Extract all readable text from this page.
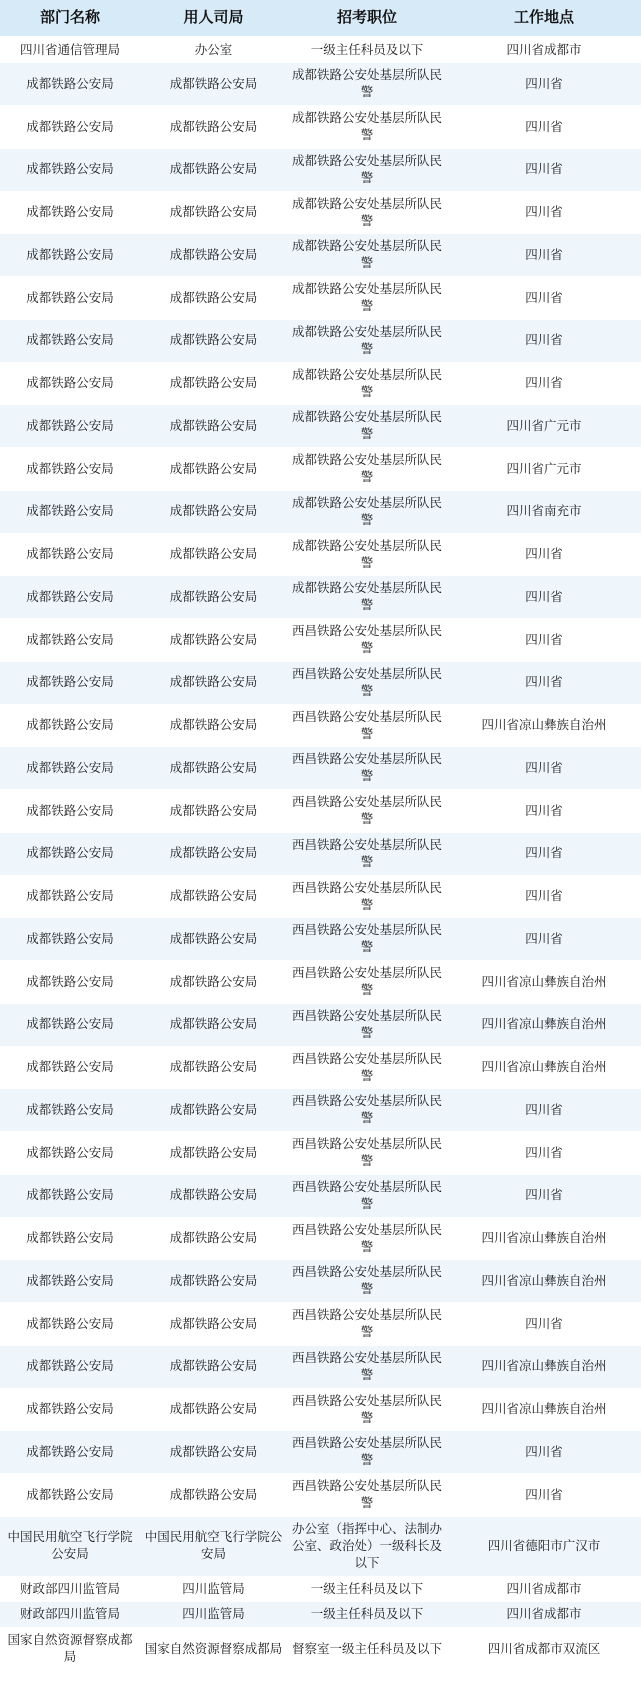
部门名称	用人司局	招考职位	工作地点
四川省通信管理局	办公室	一级主任科员及以下	四川省成都市
成都铁路公安局	成都铁路公安局	成都铁路公安处基层所队民警	四川省
成都铁路公安局	成都铁路公安局	成都铁路公安处基层所队民警	四川省
成都铁路公安局	成都铁路公安局	成都铁路公安处基层所队民警	四川省
成都铁路公安局	成都铁路公安局	成都铁路公安处基层所队民警	四川省
成都铁路公安局	成都铁路公安局	成都铁路公安处基层所队民警	四川省
成都铁路公安局	成都铁路公安局	成都铁路公安处基层所队民警	四川省
成都铁路公安局	成都铁路公安局	成都铁路公安处基层所队民警	四川省
成都铁路公安局	成都铁路公安局	成都铁路公安处基层所队民警	四川省
成都铁路公安局	成都铁路公安局	成都铁路公安处基层所队民警	四川省广元市
成都铁路公安局	成都铁路公安局	成都铁路公安处基层所队民警	四川省广元市
成都铁路公安局	成都铁路公安局	成都铁路公安处基层所队民警	四川省南充市
成都铁路公安局	成都铁路公安局	成都铁路公安处基层所队民警	四川省
成都铁路公安局	成都铁路公安局	成都铁路公安处基层所队民警	四川省
成都铁路公安局	成都铁路公安局	西昌铁路公安处基层所队民警	四川省
成都铁路公安局	成都铁路公安局	西昌铁路公安处基层所队民警	四川省
成都铁路公安局	成都铁路公安局	西昌铁路公安处基层所队民警	四川省凉山彝族自治州
成都铁路公安局	成都铁路公安局	西昌铁路公安处基层所队民警	四川省
成都铁路公安局	成都铁路公安局	西昌铁路公安处基层所队民警	四川省
成都铁路公安局	成都铁路公安局	西昌铁路公安处基层所队民警	四川省
成都铁路公安局	成都铁路公安局	西昌铁路公安处基层所队民警	四川省
成都铁路公安局	成都铁路公安局	西昌铁路公安处基层所队民警	四川省
成都铁路公安局	成都铁路公安局	西昌铁路公安处基层所队民警	四川省凉山彝族自治州
成都铁路公安局	成都铁路公安局	西昌铁路公安处基层所队民警	四川省凉山彝族自治州
成都铁路公安局	成都铁路公安局	西昌铁路公安处基层所队民警	四川省凉山彝族自治州
成都铁路公安局	成都铁路公安局	西昌铁路公安处基层所队民警	四川省
成都铁路公安局	成都铁路公安局	西昌铁路公安处基层所队民警	四川省
成都铁路公安局	成都铁路公安局	西昌铁路公安处基层所队民警	四川省
成都铁路公安局	成都铁路公安局	西昌铁路公安处基层所队民警	四川省凉山彝族自治州
成都铁路公安局	成都铁路公安局	西昌铁路公安处基层所队民警	四川省凉山彝族自治州
成都铁路公安局	成都铁路公安局	西昌铁路公安处基层所队民警	四川省
成都铁路公安局	成都铁路公安局	西昌铁路公安处基层所队民警	四川省凉山彝族自治州
成都铁路公安局	成都铁路公安局	西昌铁路公安处基层所队民警	四川省凉山彝族自治州
成都铁路公安局	成都铁路公安局	西昌铁路公安处基层所队民警	四川省
成都铁路公安局	成都铁路公安局	西昌铁路公安处基层所队民警	四川省
中国民用航空飞行学院公安局	中国民用航空飞行学院公安局	办公室（指挥中心、法制办公室、政治处）一级科长及以下	四川省德阳市广汉市
财政部四川监管局	四川监管局	一级主任科员及以下	四川省成都市
财政部四川监管局	四川监管局	一级主任科员及以下	四川省成都市
国家自然资源督察成都局	国家自然资源督察成都局	督察室一级主任科员及以下	四川省成都市双流区
